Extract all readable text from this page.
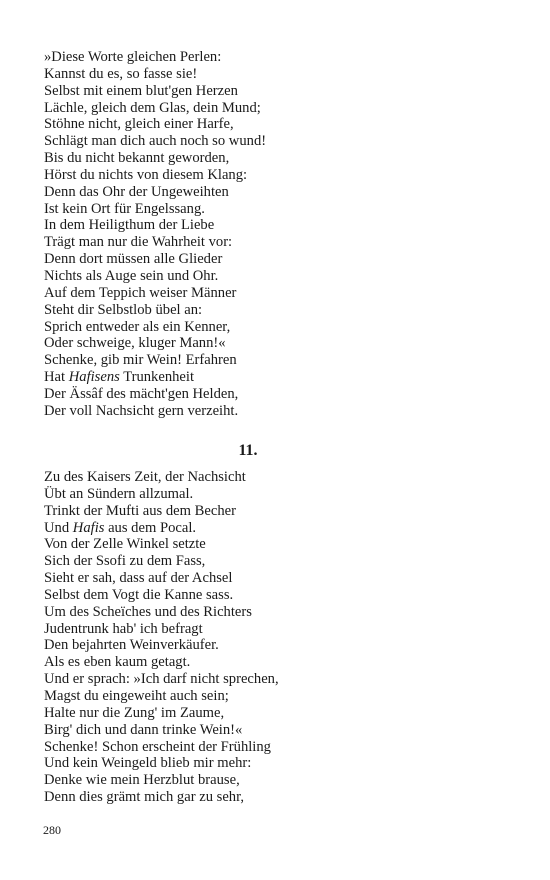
»Diese Worte gleichen Perlen:
Kannst du es, so fasse sie!
Selbst mit einem blut'gen Herzen
Lächle, gleich dem Glas, dein Mund;
Stöhne nicht, gleich einer Harfe,
Schlägt man dich auch noch so wund!
Bis du nicht bekannt geworden,
Hörst du nichts von diesem Klang:
Denn das Ohr der Ungeweihten
Ist kein Ort für Engelssang.
In dem Heiligthum der Liebe
Trägt man nur die Wahrheit vor:
Denn dort müssen alle Glieder
Nichts als Auge sein und Ohr.
Auf dem Teppich weiser Männer
Steht dir Selbstlob übel an:
Sprich entweder als ein Kenner,
Oder schweige, kluger Mann!«
Schenke, gib mir Wein! Erfahren
Hat Hafisens Trunkenheit
Der Ässâf des mächt'gen Helden,
Der voll Nachsicht gern verzeiht.
11.
Zu des Kaisers Zeit, der Nachsicht
Übt an Sündern allzumal.
Trinkt der Mufti aus dem Becher
Und Hafis aus dem Pocal.
Von der Zelle Winkel setzte
Sich der Ssofi zu dem Fass,
Sieht er sah, dass auf der Achsel
Selbst dem Vogt die Kanne sass.
Um des Scheïches und des Richters
Judentrunk hab' ich befragt
Den bejahrten Weinverkäufer.
Als es eben kaum getagt.
Und er sprach: »Ich darf nicht sprechen,
Magst du eingeweiht auch sein;
Halte nur die Zung' im Zaume,
Birg' dich und dann trinke Wein!«
Schenke! Schon erscheint der Frühling
Und kein Weingeld blieb mir mehr:
Denke wie mein Herzblut brause,
Denn dies grämt mich gar zu sehr,
280
